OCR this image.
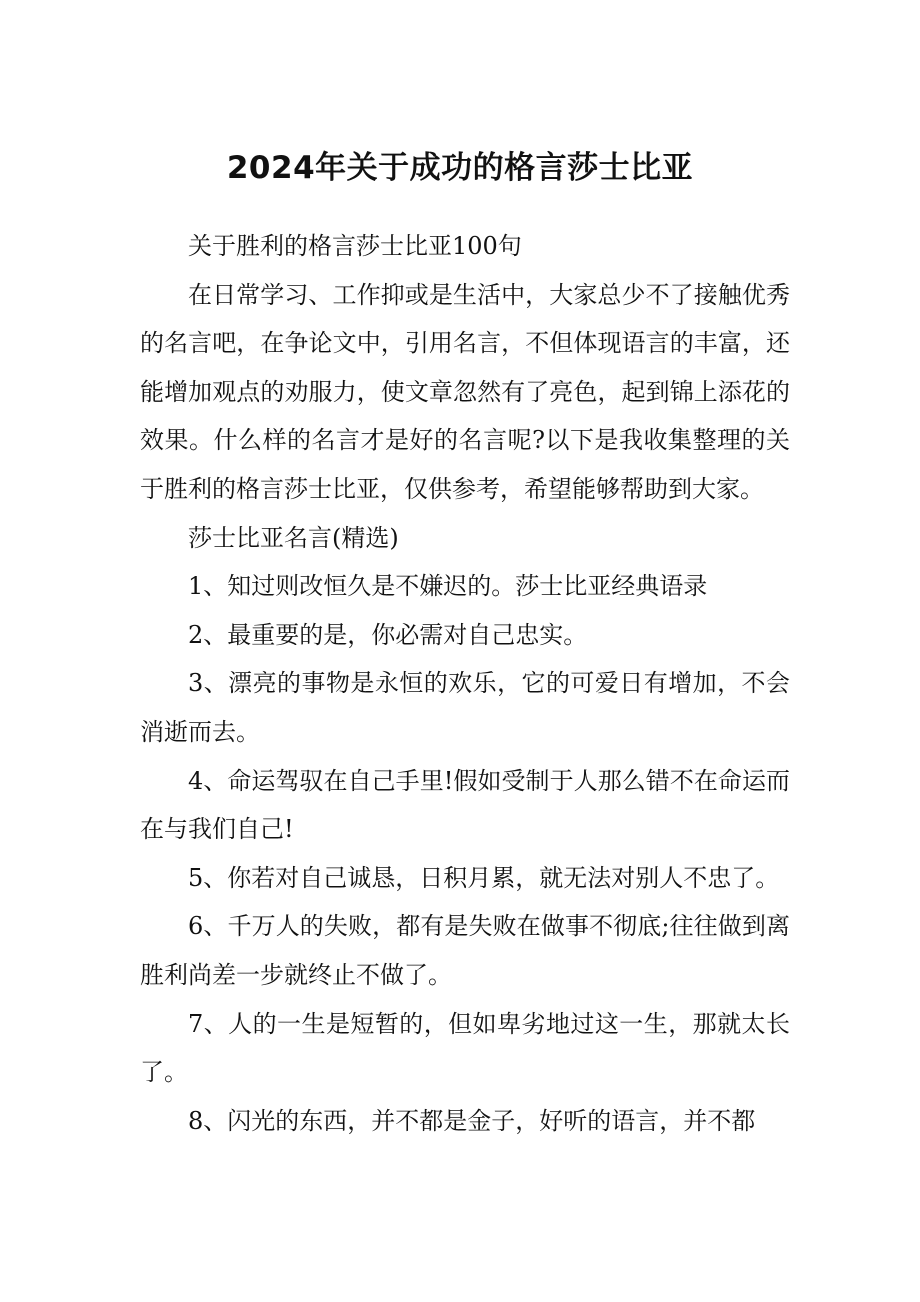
2024年关于成功的格言莎士比亚

关于胜利的格言莎士比亚100句

在日常学习、工作抑或是生活中，大家总少不了接触优秀的名言吧，在争论文中，引用名言，不但体现语言的丰富，还能增加观点的劝服力，使文章忽然有了亮色，起到锦上添花的效果。什么样的名言才是好的名言呢?以下是我收集整理的关于胜利的格言莎士比亚，仅供参考，希望能够帮助到大家。

莎士比亚名言(精选)

1、知过则改恒久是不嫌迟的。莎士比亚经典语录

2、最重要的是，你必需对自己忠实。

3、漂亮的事物是永恒的欢乐，它的可爱日有增加，不会消逝而去。

4、命运驾驭在自己手里!假如受制于人那么错不在命运而在与我们自己!

5、你若对自己诚恳，日积月累，就无法对别人不忠了。

6、千万人的失败，都有是失败在做事不彻底;往往做到离胜利尚差一步就终止不做了。

7、人的一生是短暂的，但如卑劣地过这一生，那就太长了。

8、闪光的东西，并不都是金子，好听的语言，并不都
